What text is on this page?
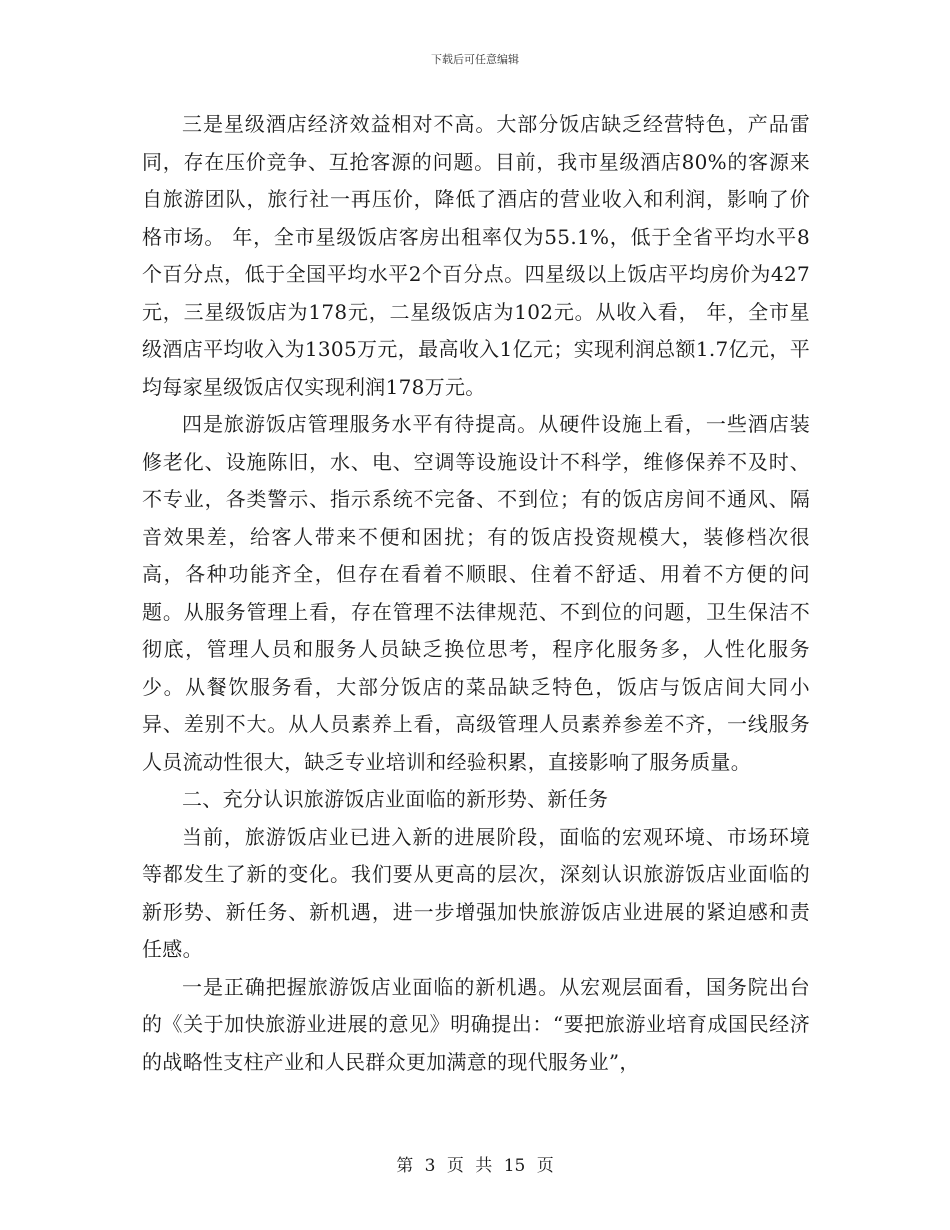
下载后可任意编辑

三是星级酒店经济效益相对不高。大部分饭店缺乏经营特色，产品雷同，存在压价竞争、互抢客源的问题。目前，我市星级酒店80%的客源来自旅游团队，旅行社一再压价，降低了酒店的营业收入和利润，影响了价格市场。 年，全市星级饭店客房出租率仅为55.1%，低于全省平均水平8个百分点，低于全国平均水平2个百分点。四星级以上饭店平均房价为427元，三星级饭店为178元，二星级饭店为102元。从收入看， 年，全市星级酒店平均收入为1305万元，最高收入1亿元；实现利润总额1.7亿元，平均每家星级饭店仅实现利润178万元。

四是旅游饭店管理服务水平有待提高。从硬件设施上看，一些酒店装修老化、设施陈旧，水、电、空调等设施设计不科学，维修保养不及时、不专业，各类警示、指示系统不完备、不到位；有的饭店房间不通风、隔音效果差，给客人带来不便和困扰；有的饭店投资规模大，装修档次很高，各种功能齐全，但存在看着不顺眼、住着不舒适、用着不方便的问题。从服务管理上看，存在管理不法律规范、不到位的问题，卫生保洁不彻底，管理人员和服务人员缺乏换位思考，程序化服务多，人性化服务少。从餐饮服务看，大部分饭店的菜品缺乏特色，饭店与饭店间大同小异、差别不大。从人员素养上看，高级管理人员素养参差不齐，一线服务人员流动性很大，缺乏专业培训和经验积累，直接影响了服务质量。

二、充分认识旅游饭店业面临的新形势、新任务

当前，旅游饭店业已进入新的进展阶段，面临的宏观环境、市场环境等都发生了新的变化。我们要从更高的层次，深刻认识旅游饭店业面临的新形势、新任务、新机遇，进一步增强加快旅游饭店业进展的紧迫感和责任感。

一是正确把握旅游饭店业面临的新机遇。从宏观层面看，国务院出台的《关于加快旅游业进展的意见》明确提出：“要把旅游业培育成国民经济的战略性支柱产业和人民群众更加满意的现代服务业”，

第 3 页 共 15 页
